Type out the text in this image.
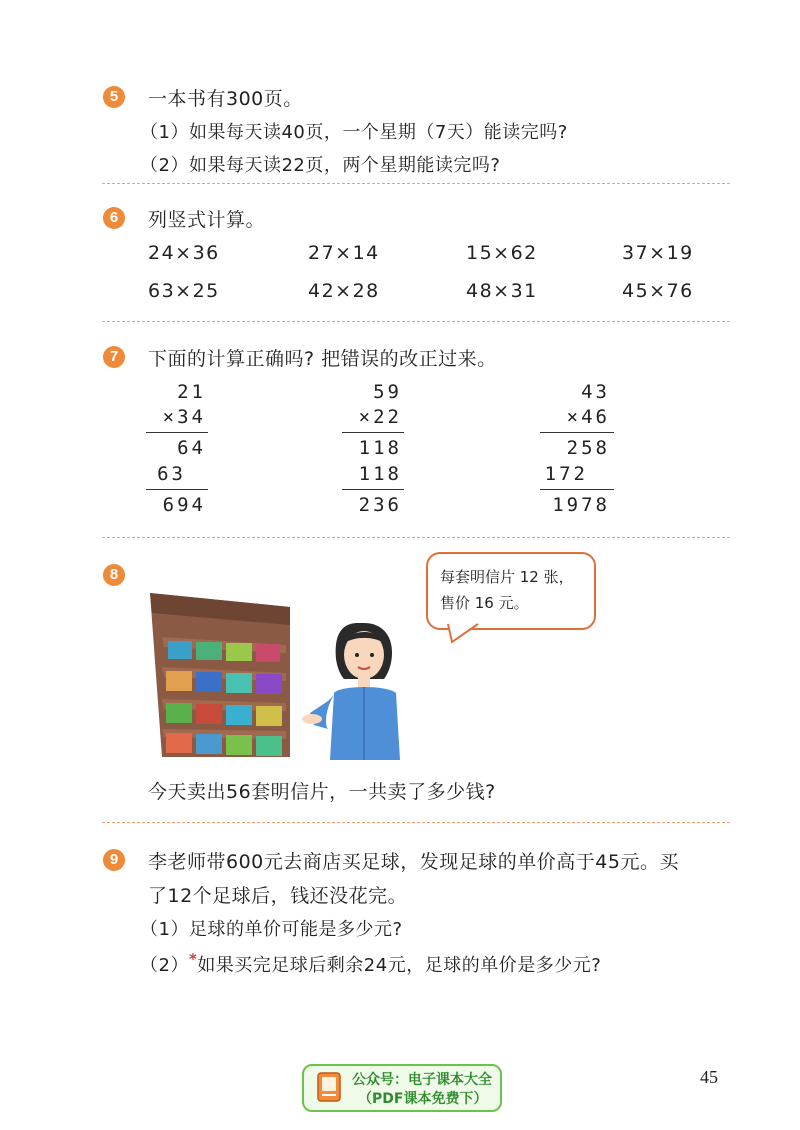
5	一本书有300页。
（1）如果每天读40页，一个星期（7天）能读完吗?
（2）如果每天读22页，两个星期能读完吗?
6	列竖式计算。
24×36	27×14	15×62	37×19
63×25	42×28	48×31	45×76
7	下面的计算正确吗? 把错误的改正过来。
21
×34
64
63
694
59
×22
118
118
236
43
×46
258
172
1978
8	每套明信片 12 张，
售价 16 元。
今天卖出56套明信片，一共卖了多少钱?
9	李老师带600元去商店买足球，发现足球的单价高于45元。买
了12个足球后，钱还没花完。
（1）足球的单价可能是多少元?
（2）*如果买完足球后剩余24元，足球的单价是多少元?
公众号：电子课本大全
（PDF课本免费下）
45
